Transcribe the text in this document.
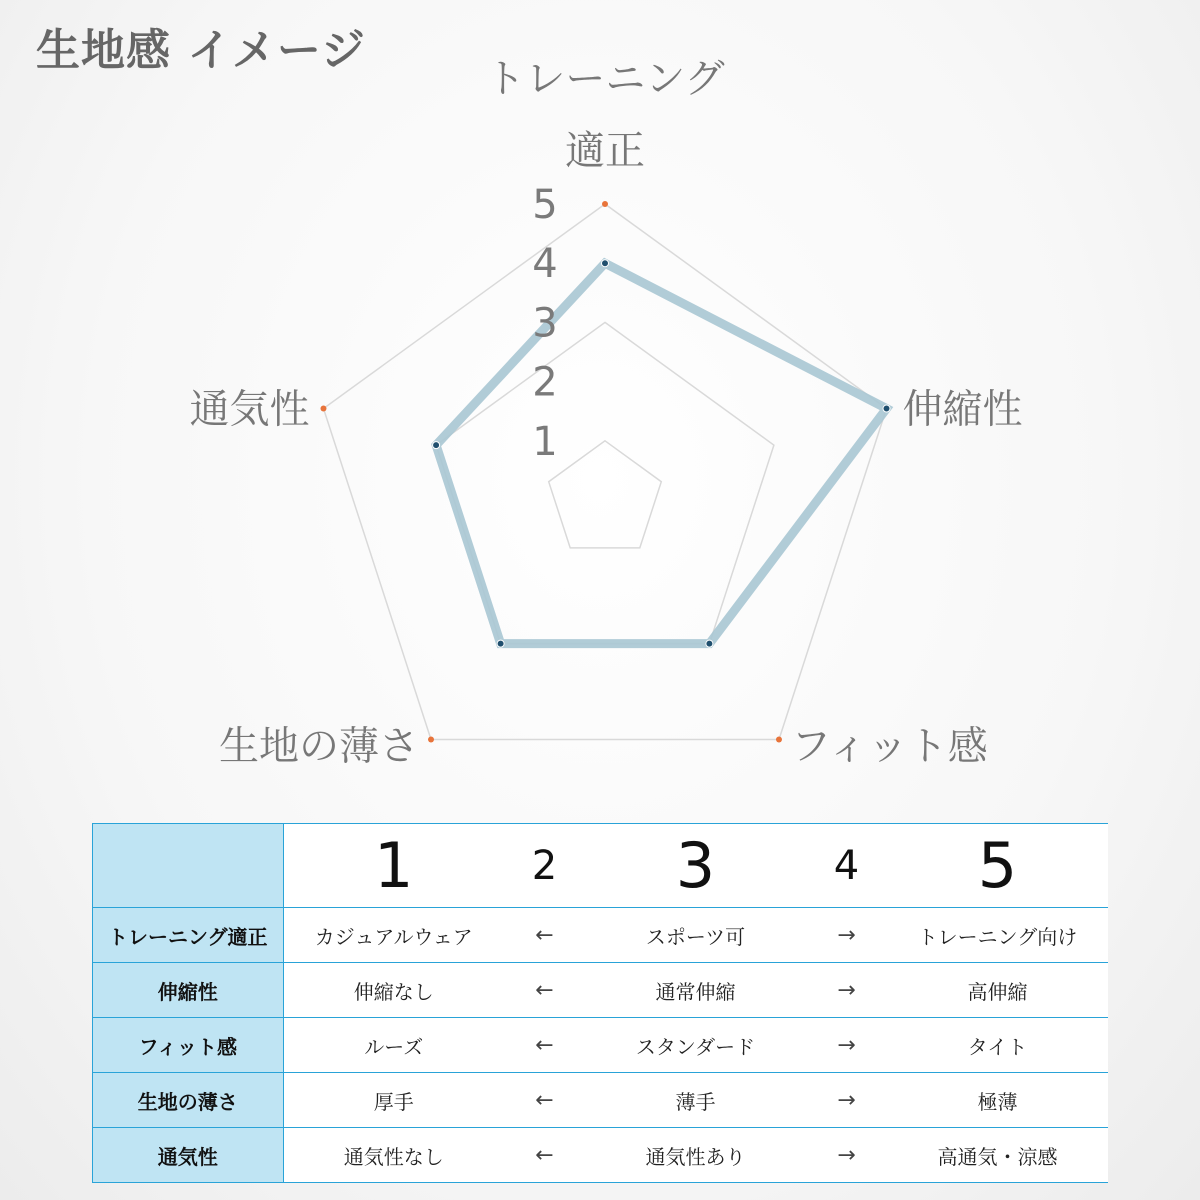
生地感 イメージ
1
2
3
4
5
トレーニング
適正
伸縮性
フィット感
生地の薄さ
通気性
	1	2	3	4	5
トレーニング適正	カジュアルウェア	←	スポーツ可	→	トレーニング向け
伸縮性	伸縮なし	←	通常伸縮	→	高伸縮
フィット感	ルーズ	←	スタンダード	→	タイト
生地の薄さ	厚手	←	薄手	→	極薄
通気性	通気性なし	←	通気性あり	→	高通気・涼感
